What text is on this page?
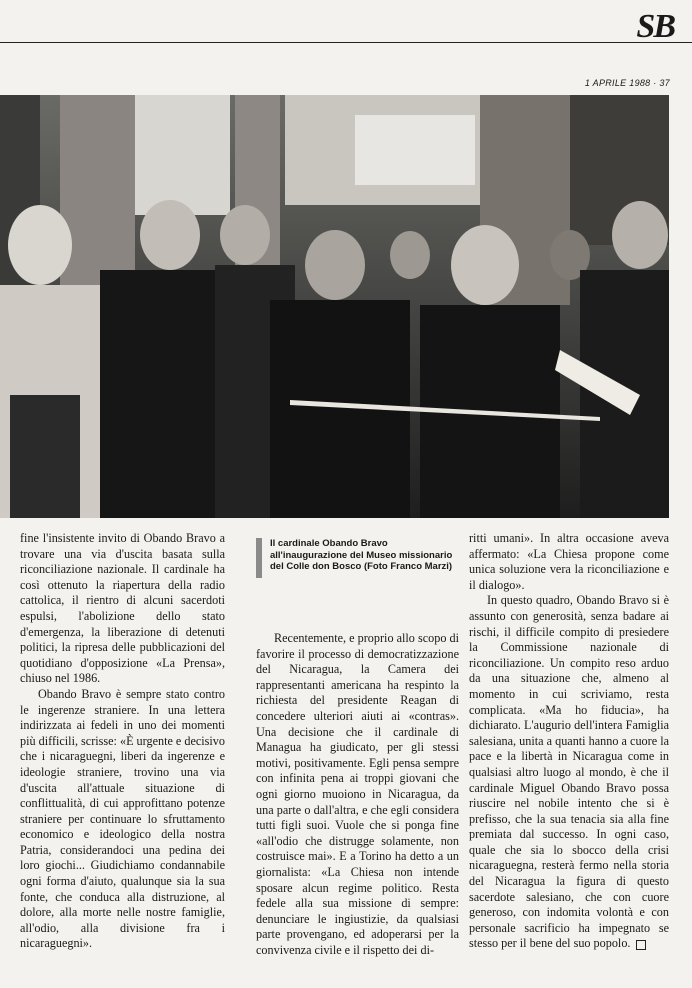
SB
1 APRILE 1988 · 37

fine l'insistente invito di Obando Bravo a trovare una via d'uscita basata sulla riconciliazione nazionale. Il cardinale ha così ottenuto la riapertura della radio cattolica, il rientro di alcuni sacerdoti espulsi, l'abolizione dello stato d'emergenza, la liberazione di detenuti politici, la ripresa delle pubblicazioni del quotidiano d'opposizione «La Prensa», chiuso nel 1986.

Obando Bravo è sempre stato contro le ingerenze straniere. In una lettera indirizzata ai fedeli in uno dei momenti più difficili, scrisse: «È urgente e decisivo che i nicaraguegni, liberi da ingerenze e ideologie straniere, trovino una via d'uscita all'attuale situazione di conflittualità, di cui approfittano potenze straniere per continuare lo sfruttamento economico e ideologico della nostra Patria, considerandoci una pedina dei loro giochi... Giudichiamo condannabile ogni forma d'aiuto, qualunque sia la sua fonte, che conduca alla distruzione, al dolore, alla morte nelle nostre famiglie, all'odio, alla divisione fra i nicaraguegni».

Il cardinale Obando Bravo all'inaugurazione del Museo missionario del Colle don Bosco (Foto Franco Marzi)

Recentemente, e proprio allo scopo di favorire il processo di democratizzazione del Nicaragua, la Camera dei rappresentanti americana ha respinto la richiesta del presidente Reagan di concedere ulteriori aiuti ai «contras». Una decisione che il cardinale di Managua ha giudicato, per gli stessi motivi, positivamente. Egli pensa sempre con infinita pena ai troppi giovani che ogni giorno muoiono in Nicaragua, da una parte o dall'altra, e che egli considera tutti figli suoi. Vuole che si ponga fine «all'odio che distrugge solamente, non costruisce mai». E a Torino ha detto a un giornalista: «La Chiesa non intende sposare alcun regime politico. Resta fedele alla sua missione di sempre: denunciare le ingiustizie, da qualsiasi parte provengano, ed adoperarsi per la convivenza civile e il rispetto dei di-

ritti umani». In altra occasione aveva affermato: «La Chiesa propone come unica soluzione vera la riconciliazione e il dialogo».

In questo quadro, Obando Bravo si è assunto con generosità, senza badare ai rischi, il difficile compito di presiedere la Commissione nazionale di riconciliazione. Un compito reso arduo da una situazione che, almeno al momento in cui scriviamo, resta complicata. «Ma ho fiducia», ha dichiarato. L'augurio dell'intera Famiglia salesiana, unita a quanti hanno a cuore la pace e la libertà in Nicaragua come in qualsiasi altro luogo al mondo, è che il cardinale Miguel Obando Bravo possa riuscire nel nobile intento che si è prefisso, che la sua tenacia sia alla fine premiata dal successo. In ogni caso, quale che sia lo sbocco della crisi nicaraguegna, resterà fermo nella storia del Nicaragua la figura di questo sacerdote salesiano, che con cuore generoso, con indomita volontà e con personale sacrificio ha impegnato se stesso per il bene del suo popolo.
